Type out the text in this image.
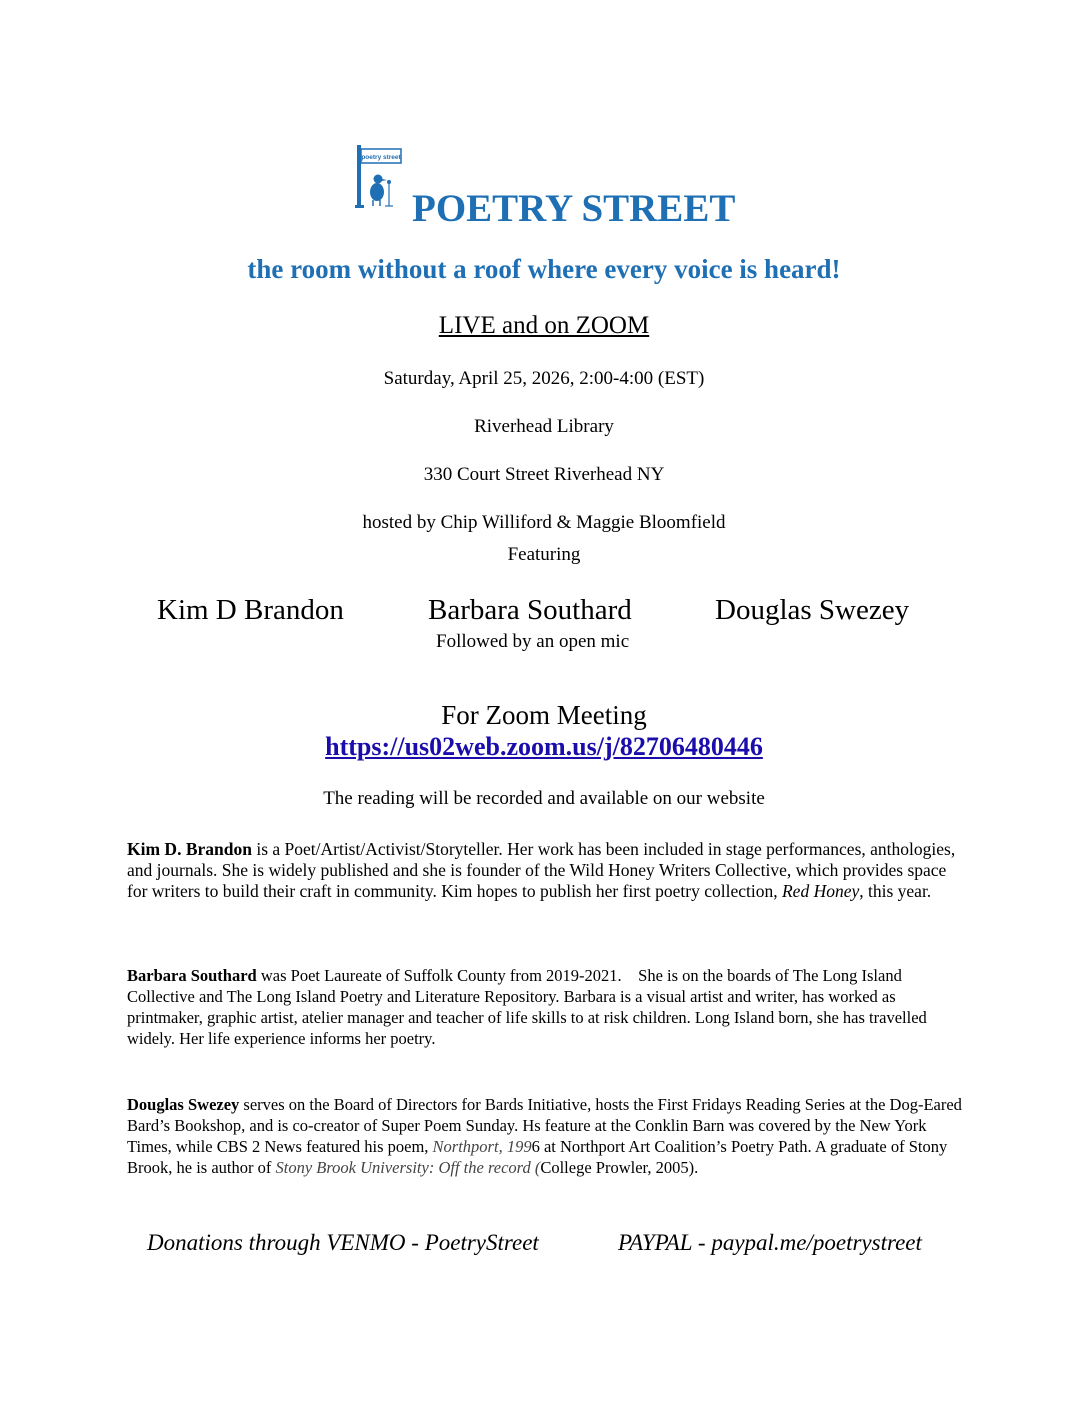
poetry street
POETRY STREET
the room without a roof where every voice is heard!
LIVE and on ZOOM
Saturday, April 25, 2026, 2:00-4:00 (EST)
Riverhead Library
330 Court Street Riverhead NY
hosted by Chip Williford & Maggie Bloomfield
Featuring
Kim D Brandon	Barbara Southard	Douglas Swezey
Followed by an open mic
For Zoom Meeting
https://us02web.zoom.us/j/82706480446
The reading will be recorded and available on our website
Kim D. Brandon is a Poet/Artist/Activist/Storyteller. Her work has been included in stage performances, anthologies, and journals. She is widely published and she is founder of the Wild Honey Writers Collective, which provides space for writers to build their craft in community. Kim hopes to publish her first poetry collection, Red Honey, this year.
Barbara Southard was Poet Laureate of Suffolk County from 2019-2021.    She is on the boards of The Long Island Collective and The Long Island Poetry and Literature Repository. Barbara is a visual artist and writer, has worked as printmaker, graphic artist, atelier manager and teacher of life skills to at risk children. Long Island born, she has travelled widely. Her life experience informs her poetry.
Douglas Swezey serves on the Board of Directors for Bards Initiative, hosts the First Fridays Reading Series at the Dog-Eared Bard’s Bookshop, and is co-creator of Super Poem Sunday. Hs feature at the Conklin Barn was covered by the New York Times, while CBS 2 News featured his poem, Northport, 1996 at Northport Art Coalition’s Poetry Path. A graduate of Stony Brook, he is author of Stony Brook University: Off the record (College Prowler, 2005).
Donations through VENMO - PoetryStreet	PAYPAL - paypal.me/poetrystreet
